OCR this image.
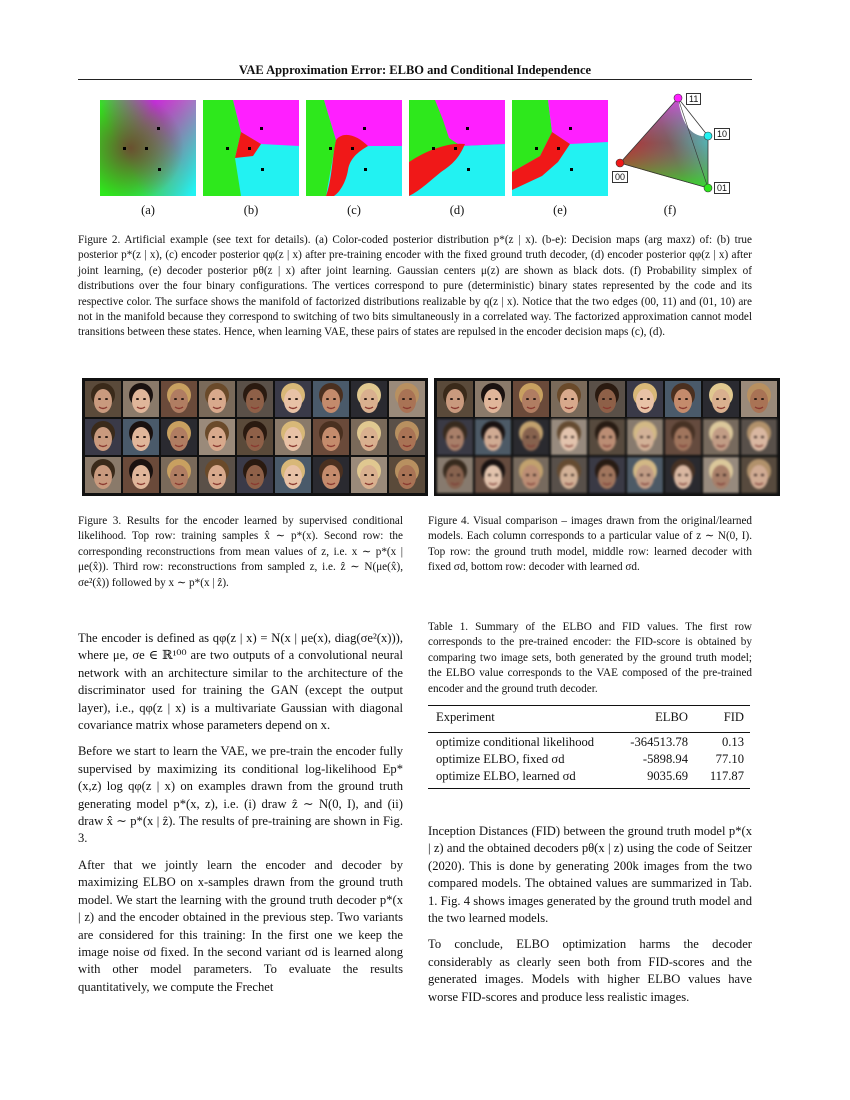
VAE Approximation Error: ELBO and Conditional Independence
11
10
00
01
(a)	(b)	(c)	(d)	(e)	(f)
Figure 2. Artificial example (see text for details). (a) Color-coded posterior distribution p*(z | x). (b-e): Decision maps (arg maxz) of: (b) true posterior p*(z | x), (c) encoder posterior qφ(z | x) after pre-training encoder with the fixed ground truth decoder, (d) encoder posterior qφ(z | x) after joint learning, (e) decoder posterior pθ(z | x) after joint learning. Gaussian centers μ(z) are shown as black dots. (f) Probability simplex of distributions over the four binary configurations. The vertices correspond to pure (deterministic) binary states represented by the code and its respective color. The surface shows the manifold of factorized distributions realizable by q(z | x). Notice that the two edges (00, 11) and (01, 10) are not in the manifold because they correspond to switching of two bits simultaneously in a correlated way. The factorized approximation cannot model transitions between these states. Hence, when learning VAE, these pairs of states are repulsed in the encoder decision maps (c), (d).
Figure 3. Results for the encoder learned by supervised conditional likelihood. Top row: training samples x̂ ∼ p*(x). Second row: the corresponding reconstructions from mean values of z, i.e. x ∼ p*(x | μe(x̂)). Third row: reconstructions from sampled z, i.e. ẑ ∼ N(μe(x̂), σe²(x̂)) followed by x ∼ p*(x | ẑ).
Figure 4. Visual comparison – images drawn from the original/learned models. Each column corresponds to a particular value of z ∼ N(0, I). Top row: the ground truth model, middle row: learned decoder with fixed σd, bottom row: decoder with learned σd.

The encoder is defined as qφ(z | x) = N(x | μe(x), diag(σe²(x))), where μe, σe ∈ ℝ¹⁰⁰ are two outputs of a convolutional neural network with an architecture similar to the architecture of the discriminator used for training the GAN (except the output layer), i.e., qφ(z | x) is a multivariate Gaussian with diagonal covariance matrix whose parameters depend on x.

Before we start to learn the VAE, we pre-train the encoder fully supervised by maximizing its conditional log-likelihood Ep*(x,z) log qφ(z | x) on examples drawn from the ground truth generating model p*(x, z), i.e. (i) draw ẑ ∼ N(0, I), and (ii) draw x̂ ∼ p*(x | ẑ). The results of pre-training are shown in Fig. 3.

After that we jointly learn the encoder and decoder by maximizing ELBO on x-samples drawn from the ground truth model. We start the learning with the ground truth decoder p*(x | z) and the encoder obtained in the previous step. Two variants are considered for this training: In the first one we keep the image noise σd fixed. In the second variant σd is learned along with other model parameters. To evaluate the results quantitatively, we compute the Frechet

Table 1. Summary of the ELBO and FID values. The first row corresponds to the pre-trained encoder: the FID-score is obtained by comparing two image sets, both generated by the ground truth model; the ELBO value corresponds to the VAE composed of the pre-trained encoder and the ground truth decoder.
Experiment	ELBO	FID
optimize conditional likelihood	-364513.78	0.13
optimize ELBO, fixed σd	-5898.94 77.10
optimize ELBO, learned σd	9035.69 117.87

Inception Distances (FID) between the ground truth model p*(x | z) and the obtained decoders pθ(x | z) using the code of Seitzer (2020). This is done by generating 200k images from the two compared models. The obtained values are summarized in Tab. 1. Fig. 4 shows images generated by the ground truth model and the two learned models.

To conclude, ELBO optimization harms the decoder considerably as clearly seen both from FID-scores and the generated images. Models with higher ELBO values have worse FID-scores and produce less realistic images.
